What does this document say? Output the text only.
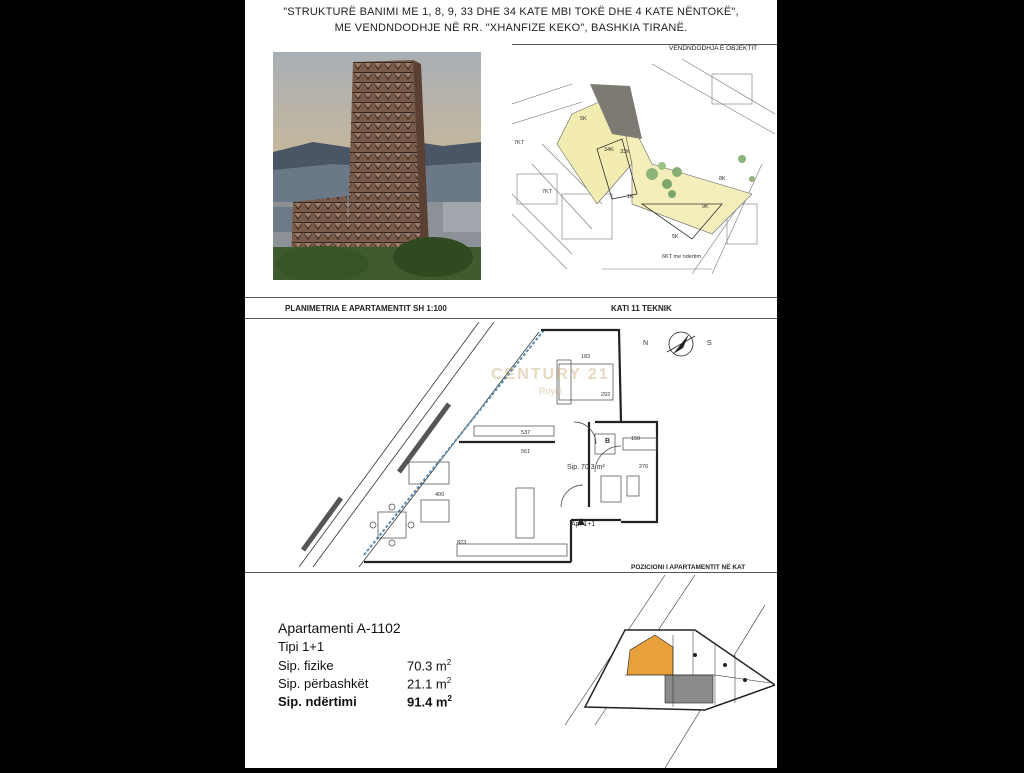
"STRUKTURË BANIMI ME 1, 8, 9, 33 DHE 34 KATE MBI TOKË DHE 4 KATE NËNTOKË",
ME VENDNDODHJE NË RR. "XHANFIZE KEKO", BASHKIA TIRANË.
VENDNDODHJA E OBJEKTIT
7KT
7KT
5K
34K 33K
1K
9K
8K
5K
6KT me ndertim
PLANIMETRIA E APARTAMENTIT SH 1:100	KATI 11 TEKNIK
N	S
183
537
561
150
276
400
823
292
Sip. 70.3 m²
B
Ap. 1+1
CENTURY 21
Royal
POZICIONI I APARTAMENTIT NË KAT
Apartamenti A-1102
Tipi 1+1
Sip. fizike	70.3 $m^2$
Sip. përbashkët	21.1 $m^2$
Sip. ndërtimi	91.4 $m^2$
